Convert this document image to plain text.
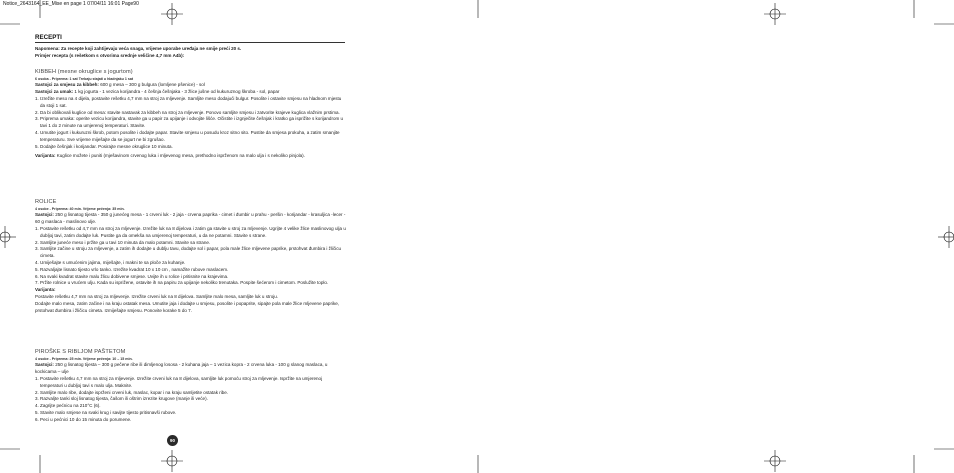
Notice_2643164_EE_Mise en page 1 07/04/11 16:01 Page90
RECEPTI
Napomena: Za recepte koji zahtijevaju veća snaga, vrijeme uporabe uređaja ne smije preći 20 s.
Primjer recepta (s rešetkom s otvorima srednje veličine 4,7 mm A4b):
KIBBEH (mesne okruglice s jogurtom)
6 osoba - Priprema: 1 sat Trebaju stajati u hladnjaku 1 sat
Sastojci za smjesu za kibbeh: 600 g mesa – 300 g bulgura (lomljene pšenice) - sol
Sastojci za umak: 1 kg jogurta - 1 vezica korijandra - 4 češnja češnjaka - 3 žlice jušne od kukuruznog škroba - sol, papar
1. Izrežite meso na 4 dijela, postavite rešetku 4,7 mm na stroj za mljevenje. Samljite meso dodajući bulgur. Posolite i ostavite smjesu na hladnom mjestu da stoji 1 sat.
2. Da bi oblikovali kuglice od mesa: stavite nastavak za kibbeh na stroj za mljevenje. Ponovo samljite smjesu i zatvorite krajeve kuglica vlažnim prstima.
3. Priprema umaka: operite vezicu korijandra, stavite ga u papir za upijanje i odvojite lišće. Očistite i izgnječite češnjak i kratko ga isprižite s korijandrom u tavi 1 do 2 minute na umjerenoj temperaturi. Stavite.
4. Umutite jogurt i kukuruzni škrob, potom posolite i dodajte papar. Stavite smjesu u posudu kroz sitno sito. Pustite da smjesa prokuha, a zatim smanjite temperaturu. Sve vrijeme miješajte da se jogurt ne bi zgrušao.
5. Dodajte češnjak i korijandar. Posirajte mesne okruglice 10 minuta.
Varijanta: Kuglice možete i puniti (mješavinom crvenog luka i mljevenog mesa, prethodno isprženom na malo ulja i s nekoliko pinjola).
ROLICE
4 osobe - Priprema: 40 min. Vrijeme pečenja: 35 min.
Sastojci: 250 g lisnatog tijesta - 350 g junećeg mesa - 1 crveni luk - 2 jaja - crvena paprika - cimet i đumbir u prahu - peršin - korijandar - krasuljica -lecer - 60 g maslaca - maslinovo ulje.
1. Postavite rešetku od 4,7 mm na stroj za mljevenje. Izrežite luk na 8 dijelova i zatim ga stavite u stroj za mljevenje. Ugrijte 4 velike žlice maslinovog ulja u dubljoj tavi, zatim dodajte luk. Pustite ga da omekša na umjerenoj temperaturi, u da ne potamni. Stavite s strane.
2. Samljite juneće meso i pržite ga u tavi 10 minuta da malo potamni. Stavite sa strane.
3. Samljite začine u stroju za mljevenje, a zatim ih dodajte u dublju tavu, dodajte sol i papar, pola male žlice mljevene paprike, prstohvat đumbira i žličicu cimeta.
4. Umiješajte s umućenim jajima, miješajte, i makni te sa ploče za kuhanje.
5. Razvaljajte lisnato tijesto vrlo tanko. Izrežite kvadrat 10 x 10 cm , namažite rubove maslacem.
6. Na svaki kvadrat stavite malu žlicu dobivene smjese. Uvijte ih u rolice i pritisnite na krajevima.
7. Pržite rolnice u vrućem ulju. Kada su isprižene, ostavite ih na papiru za upijanje nekoliko trenutaka. Pospite šećerom i cimetom. Poslužite toplo.
Varijanta:
Postavite rešetku 4,7 mm na stroj za mljevenje. Izrežite crveni luk na 8 dijelova. Samljite malo mesa, samljite luk u stroju.
Dodajte malo mesa, zatim začine i na kraju ostatak mesa. Umutite jaja i dodajte u smjesu, posolite i popaprite, sipajte pola male žlice mljevene paprike, prstohvat đumbira i žličicu cimeta. Izmiješajte smjesu. Ponovite korake 5 do 7.
PIROŠKE S RIBLJOM PAŠTETOM
4 osobe - Priprema: 25 min. Vrijeme pečenja: 10 – 15 min.
Sastojci: 250 g lisnatog tijesta – 300 g pečene ribe ili dimljenog lososa - 2 kuhana jaja – 1 vezica kopra - 2 crvena luka - 100 g slanog maslaca, u kockicama – ulje
1. Postavite rešetku 4,7 mm na stroj za mljevenje. Izrežite crveni luk na 8 dijelova, samljite luk pomoću stroj za mljevenje. Ispržite na umjerenoj temperaturi u dubljoj tavi s malo ulja. Maknite.
2. Samljite malo ribe, dodajte isprženi crveni luk, maslac, kopar i na kraju samljetite ostatak ribe.
3. Razvaljte tanki sloj lisnatog tijesta, čašom ili oštrim izrezite krugove (manje ili veće).
4. Zagrijte pećnicu na 210°C (6).
5. Stavite malo smjese na svaki krug i savijte tijesto pritisnavši rubove.
6. Peci u pećnici 10 do 15 minuta do porumene.
90
